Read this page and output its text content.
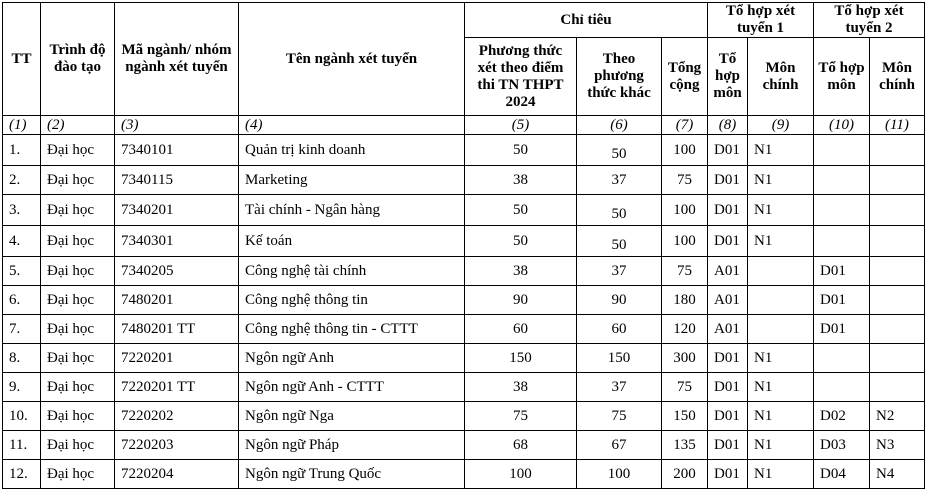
TT	Trình độ đào tạo	Mã ngành/ nhóm ngành xét tuyển	Tên ngành xét tuyển	Chỉ tiêu			Tổ hợp xét tuyển 1		Tổ hợp xét tuyển 2	
				Phương thức xét theo điểm thi TN THPT 2024	Theo phương thức khác	Tổng cộng	Tổ hợp môn	Môn chính	Tổ hợp môn	Môn chính
(1)	(2)	(3)	(4)	(5)	(6)	(7)	(8)	(9)	(10)	(11)
1.	Đại học	7340101	Quản trị kinh doanh	50	50	100	D01	N1		
2.	Đại học	7340115	Marketing	38	37	75	D01	N1		
3.	Đại học	7340201	Tài chính - Ngân hàng	50	50	100	D01	N1		
4.	Đại học	7340301	Kế toán	50	50	100	D01	N1		
5.	Đại học	7340205	Công nghệ tài chính	38	37	75	A01		D01	
6.	Đại học	7480201	Công nghệ thông tin	90	90	180	A01		D01	
7.	Đại học	7480201 TT	Công nghệ thông tin - CTTT	60	60	120	A01		D01	
8.	Đại học	7220201	Ngôn ngữ Anh	150	150	300	D01	N1		
9.	Đại học	7220201 TT	Ngôn ngữ Anh - CTTT	38	37	75	D01	N1		
10.	Đại học	7220202	Ngôn ngữ Nga	75	75	150	D01	N1	D02	N2
11.	Đại học	7220203	Ngôn ngữ Pháp	68	67	135	D01	N1	D03	N3
12.	Đại học	7220204	Ngôn ngữ Trung Quốc	100	100	200	D01	N1	D04	N4
